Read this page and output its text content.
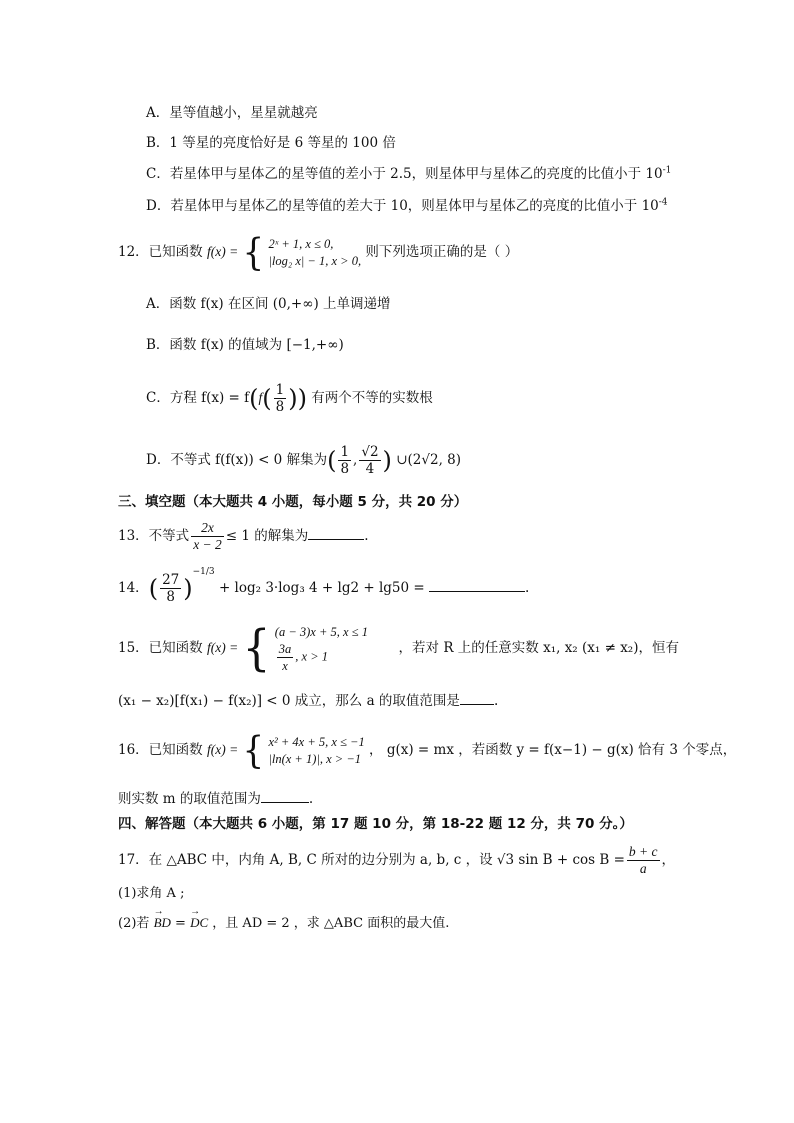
A．星等值越小，星星就越亮
B．1 等星的亮度恰好是 6 等星的 100 倍
C．若星体甲与星体乙的星等值的差小于 2.5，则星体甲与星体乙的亮度的比值小于 $10^{-1}$
D．若星体甲与星体乙的星等值的差大于 10，则星体甲与星体乙的亮度的比值小于 $10^{-4}$
12．已知函数 f(x) = { 2ˣ + 1, x ≤ 0,
|log₂ x| − 1, x > 0,
则下列选项正确的是（ ）
A．函数 f(x) 在区间 (0,+∞) 上单调递增
B．函数 f(x) 的值域为 [−1,+∞)
C．方程 $f(x) = f(f( \frac{1}{8}$ )) 有两个不等的实数根
D．不等式 f(f(x)) < 0 解集为( $\frac{1}{8}$ , $\frac{√2}{4}$ ) ∪(2√2, 8)
三、填空题（本大题共 4 小题，每小题 5 分，共 20 分）
13．不等式 $\frac{2x}{x - 2} \le 1$ 的解集为	.
14．( $\frac{27}{8} )^{-1/3} + \log_2$ 3·log₃ 4 + lg2 + lg50 =	.
15．已知函数 f(x) = { (a − 3)x + 5, x ≤ 1
$\frac{3a}{x}$ , x > 1	，若对 R 上的任意实数 x₁, x₂ (x₁ ≠ x₂)，恒有
(x₁ − x₂)[f(x₁) − f(x₂)] < 0 成立，那么 a 的取值范围是	.
16．已知函数 f(x) = { x² + 4x + 5, x ≤ −1
|ln(x + 1)|, x > −1
， g(x) = mx ，若函数 y = f(x−1) − g(x) 恰有 3 个零点，
则实数 m 的取值范围为	.
四、解答题（本大题共 6 小题，第 17 题 10 分，第 18-22 题 12 分，共 70 分。）
17．在 △ABC 中，内角 A, B, C 所对的边分别为 a, b, c ，设 √3 $\sin B + \cos B = \frac{b + c}{a}$ ，
(1)求角 A ;
(2)若 → BD = → DC ，且 AD = 2 ，求 △ABC 面积的最大值.
